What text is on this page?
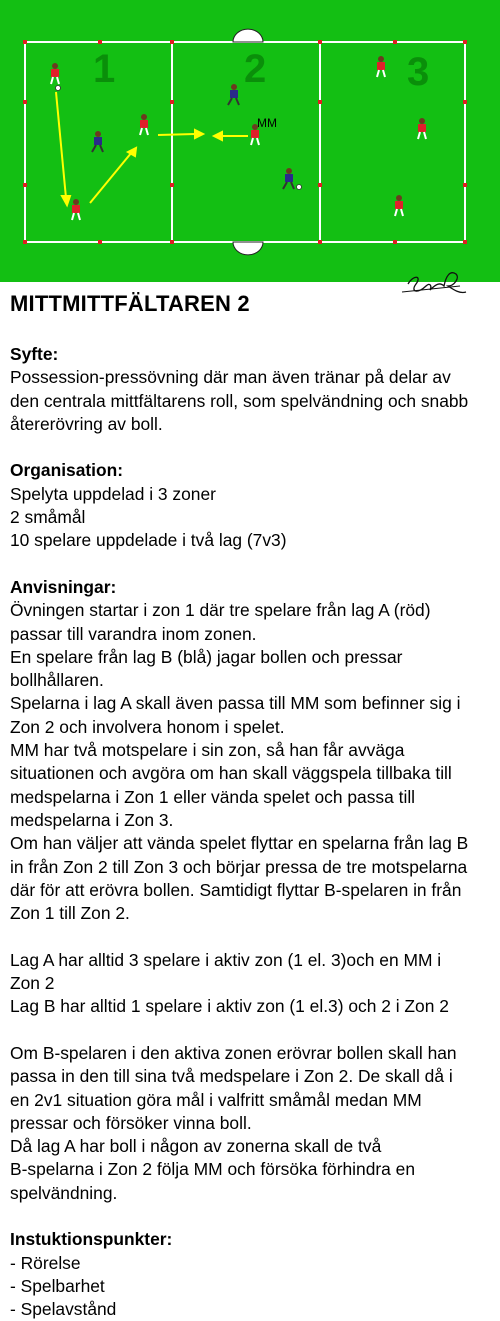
1	2	3
MM
MITTMITTFÄLTAREN 2
Syfte:
Possession-pressövning där man även tränar på delar av
den centrala mittfältarens roll, som spelvändning och snabb
återerövring av boll.
Organisation:
Spelyta uppdelad i 3 zoner
2 småmål
10 spelare uppdelade i två lag (7v3)
Anvisningar:
Övningen startar i zon 1 där tre spelare från lag A (röd)
passar till varandra inom zonen.
En spelare från lag B (blå) jagar bollen och pressar
bollhållaren.
Spelarna i lag A skall även passa till MM som befinner sig i
Zon 2 och involvera honom i spelet.
MM har två motspelare i sin zon, så han får avväga
situationen och avgöra om han skall väggspela tillbaka till
medspelarna i Zon 1 eller vända spelet och passa till
medspelarna i Zon 3.
Om han väljer att vända spelet flyttar en spelarna från lag B
in från Zon 2 till Zon 3 och börjar pressa de tre motspelarna
där för att erövra bollen. Samtidigt flyttar B-spelaren in från
Zon 1 till Zon 2.
Lag A har alltid 3 spelare i aktiv zon (1 el. 3)och en MM i
Zon 2
Lag B har alltid 1 spelare i aktiv zon (1 el.3) och 2 i Zon 2
Om B-spelaren i den aktiva zonen erövrar bollen skall han
passa in den till sina två medspelare i Zon 2. De skall då i
en 2v1 situation göra mål i valfritt småmål medan MM
pressar och försöker vinna boll.
Då lag A har boll i någon av zonerna skall de två
B-spelarna i Zon 2 följa MM och försöka förhindra en
spelvändning.
Instuktionspunkter:
- Rörelse
- Spelbarhet
- Spelavstånd
